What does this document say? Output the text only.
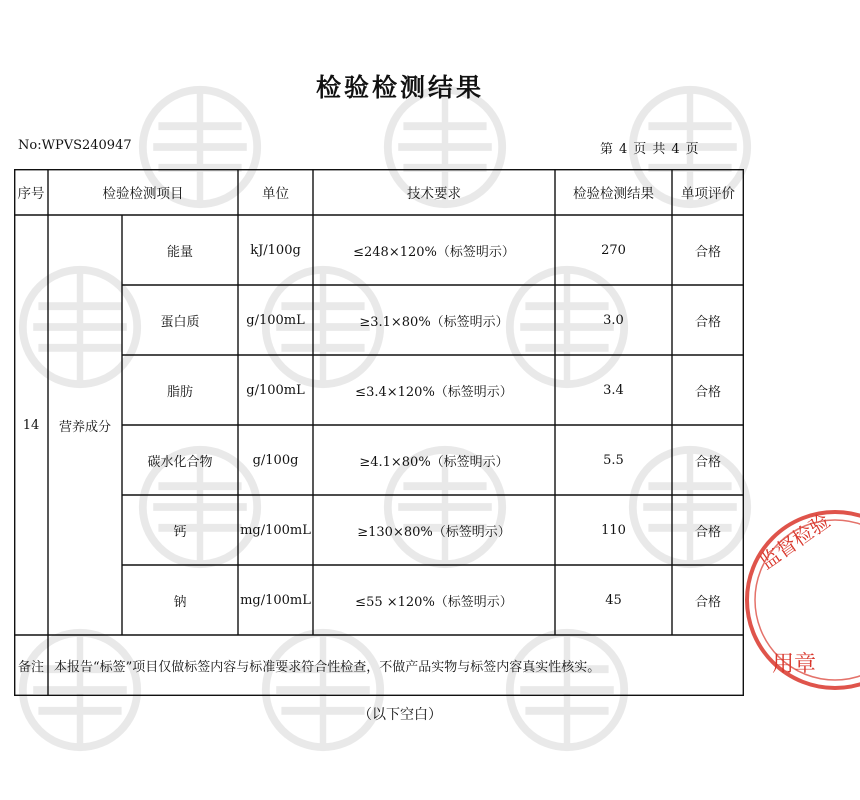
检验检测结果
No:WPVS240947	第 4 页 共 4 页
序号	检验检测项目	单位	技术要求	检验检测结果	单项评价
14	营养成分
能量	kJ/100g	≤248×120%（标签明示）	270	合格
蛋白质	g/100mL	≥3.1×80%（标签明示）	3.0	合格
脂肪	g/100mL	≤3.4×120%（标签明示）	3.4	合格
碳水化合物	g/100g	≥4.1×80%（标签明示）	5.5	合格
钙	mg/100mL	≥130×80%（标签明示）	110	合格
钠	mg/100mL	≤55 ×120%（标签明示）	45	合格
备注 本报告“标签”项目仅做标签内容与标准要求符合性检查，不做产品实物与标签内容真实性核实。
（以下空白）
监督检验
用章
